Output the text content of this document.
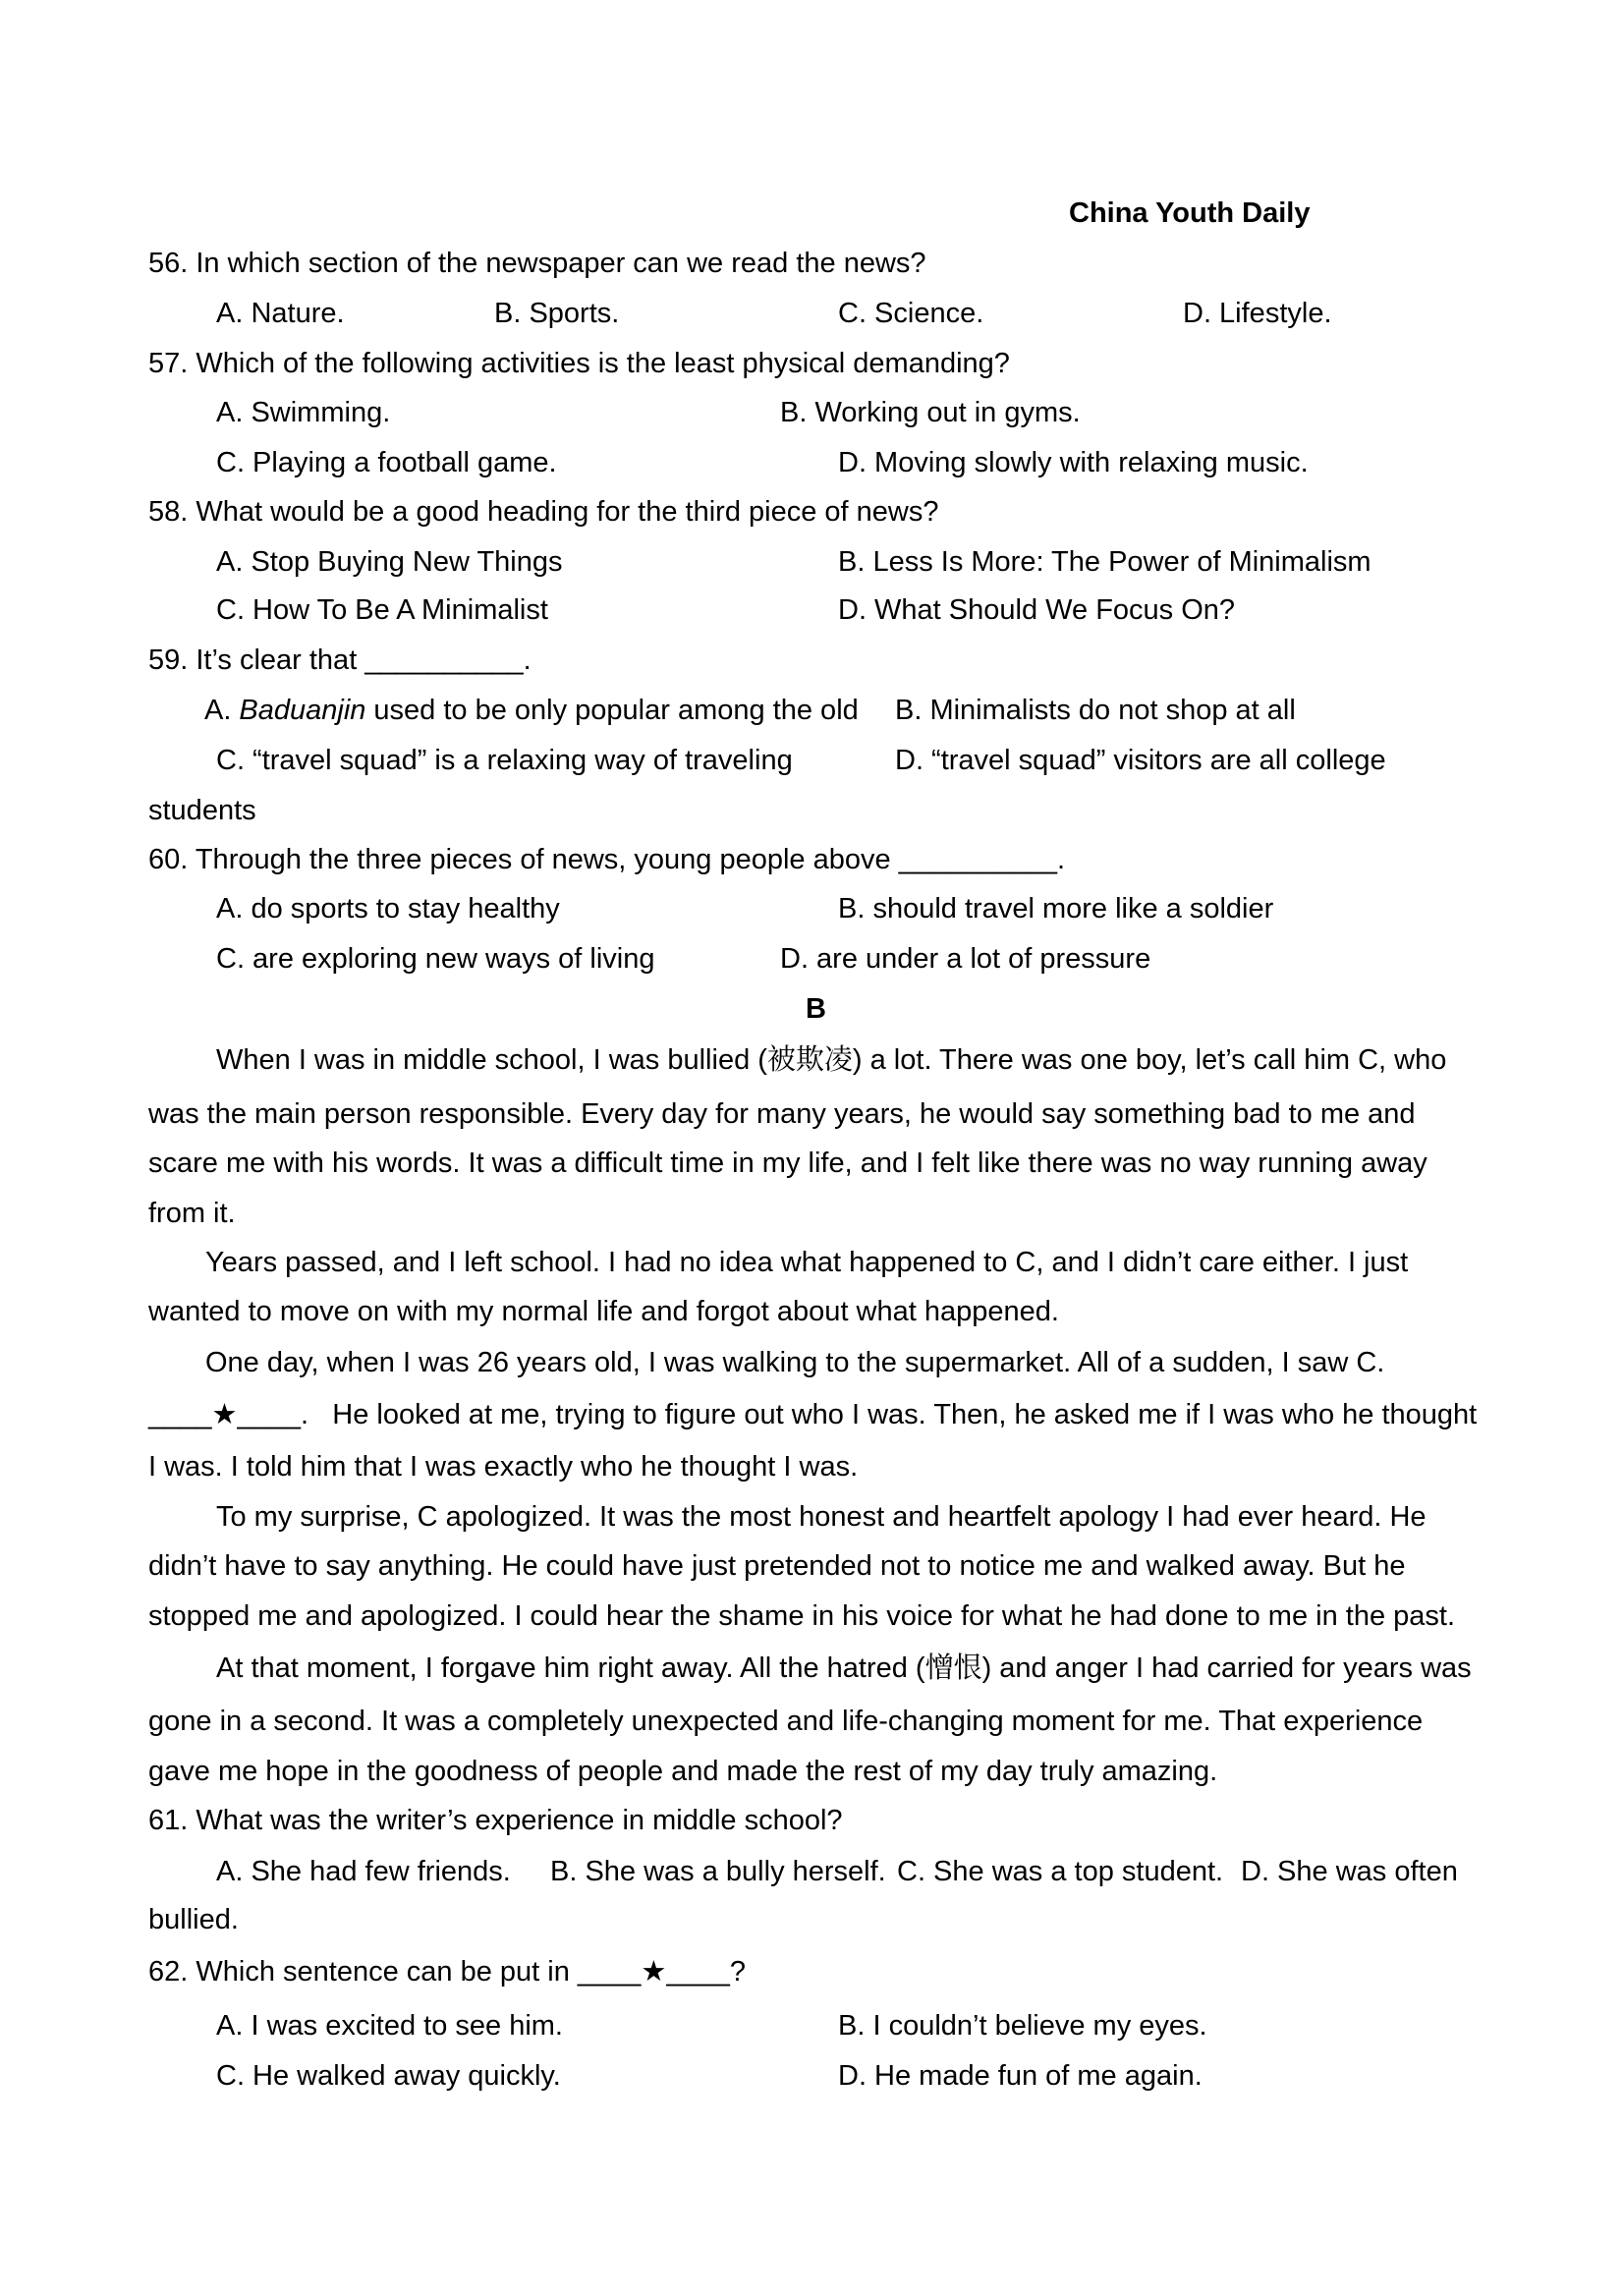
China Youth Daily
56. In which section of the newspaper can we read the news?
A. Nature.	B. Sports.	C. Science.	D. Lifestyle.
57. Which of the following activities is the least physical demanding?
A. Swimming.	B. Working out in gyms.
C. Playing a football game.	D. Moving slowly with relaxing music.
58. What would be a good heading for the third piece of news?
A. Stop Buying New Things	B. Less Is More: The Power of Minimalism
C. How To Be A Minimalist	D. What Should We Focus On?
59. It’s clear that __________.
A. Baduanjin used to be only popular among the old B. Minimalists do not shop at all
C. “travel squad” is a relaxing way of traveling	D. “travel squad” visitors are all college
students
60. Through the three pieces of news, young people above __________.
A. do sports to stay healthy	B. should travel more like a soldier
C. are exploring new ways of living	D. are under a lot of pressure
B
When I was in middle school, I was bullied (被欺凌) a lot. There was one boy, let’s call him C, who
was the main person responsible. Every day for many years, he would say something bad to me and
scare me with his words. It was a difficult time in my life, and I felt like there was no way running away
from it.
Years passed, and I left school. I had no idea what happened to C, and I didn’t care either. I just
wanted to move on with my normal life and forgot about what happened.
One day, when I was 26 years old, I was walking to the supermarket. All of a sudden, I saw C.
____★____.   He looked at me, trying to figure out who I was. Then, he asked me if I was who he thought
I was. I told him that I was exactly who he thought I was.
To my surprise, C apologized. It was the most honest and heartfelt apology I had ever heard. He
didn’t have to say anything. He could have just pretended not to notice me and walked away. But he
stopped me and apologized. I could hear the shame in his voice for what he had done to me in the past.
At that moment, I forgave him right away. All the hatred (憎恨) and anger I had carried for years was
gone in a second. It was a completely unexpected and life-changing moment for me. That experience
gave me hope in the goodness of people and made the rest of my day truly amazing.
61. What was the writer’s experience in middle school?
A. She had few friends. B. She was a bully herself. C. She was a top student. D. She was often
bullied.
62. Which sentence can be put in ____★____?
A. I was excited to see him.	B. I couldn’t believe my eyes.
C. He walked away quickly.	D. He made fun of me again.
